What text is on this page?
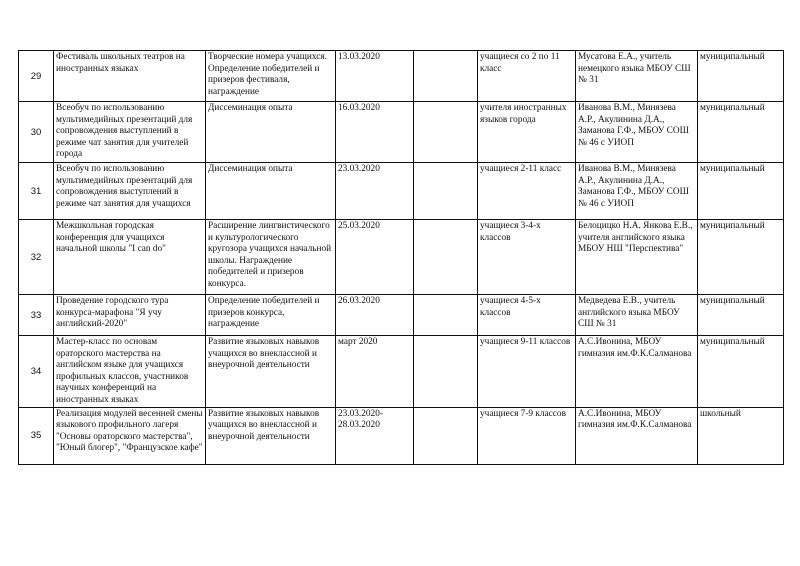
29	Фестиваль школьных театров на иностранных языках	Творческие номера учащихся. Определение победителей и призеров фестиваля, награждение	13.03.2020		учащиеся со 2 по 11 класс	Мусатова Е.А., учитель немецкого языка МБОУ СШ № 31	муниципальный
30	Всеобуч по использованию мультимедийных презентаций для сопровождения выступлений в режиме чат занятия для учителей города	Диссеминация опыта	16.03.2020		учителя иностранных языков города	Иванова В.М., Минязева А.Р., Акулинина Д.А., Заманова Г.Ф., МБОУ СОШ № 46 с УИОП	муниципальный
31	Всеобуч по использованию мультимедийных презентаций для сопровождения выступлений в режиме чат занятия для учащихся	Диссеминация опыта	23.03.2020		учащиеся 2-11 класс	Иванова В.М., Минязева А.Р., Акулинина Д.А., Заманова Г.Ф., МБОУ СОШ № 46 с УИОП	муниципальный
32	Межшкольная городская конференция для учащихся начальной школы "I can do"	Расширение лингвистического и культурологического кругозора учащихся начальной школы. Награждение победителей и призеров конкурса.	25.03.2020		учащиеся 3-4-х классов	Белоцицко Н.А. Янкова Е.В., учителя английского языка МБОУ НШ "Перспектива"	муниципальный
33	Проведение городского тура конкурса-марафона "Я учу английский-2020"	Определение победителей и призеров конкурса, награждение	26.03.2020		учащиеся 4-5-х классов	Медведева Е.В., учитель английского языка МБОУ СШ № 31	муниципальный
34	Мастер-класс по основам ораторского мастерства на английском языке для учащихся профильных классов, участников научных конференций на иностранных языках	Развитие языковых навыков учащихся во внеклассной и внеурочной деятельности	март 2020		учащиеся 9-11 классов	А.С.Ивонина, МБОУ гимназия им.Ф.К.Салманова	муниципальный
35	Реализация модулей весенней смены языкового профильного лагеря "Основы ораторского мастерства", "Юный блогер", "Французское кафе"	Развитие языковых навыков учащихся во внеклассной и внеурочной деятельности	23.03.2020-28.03.2020		учащиеся 7-9 классов	А.С.Ивонина, МБОУ гимназия им.Ф.К.Салманова	школьный
